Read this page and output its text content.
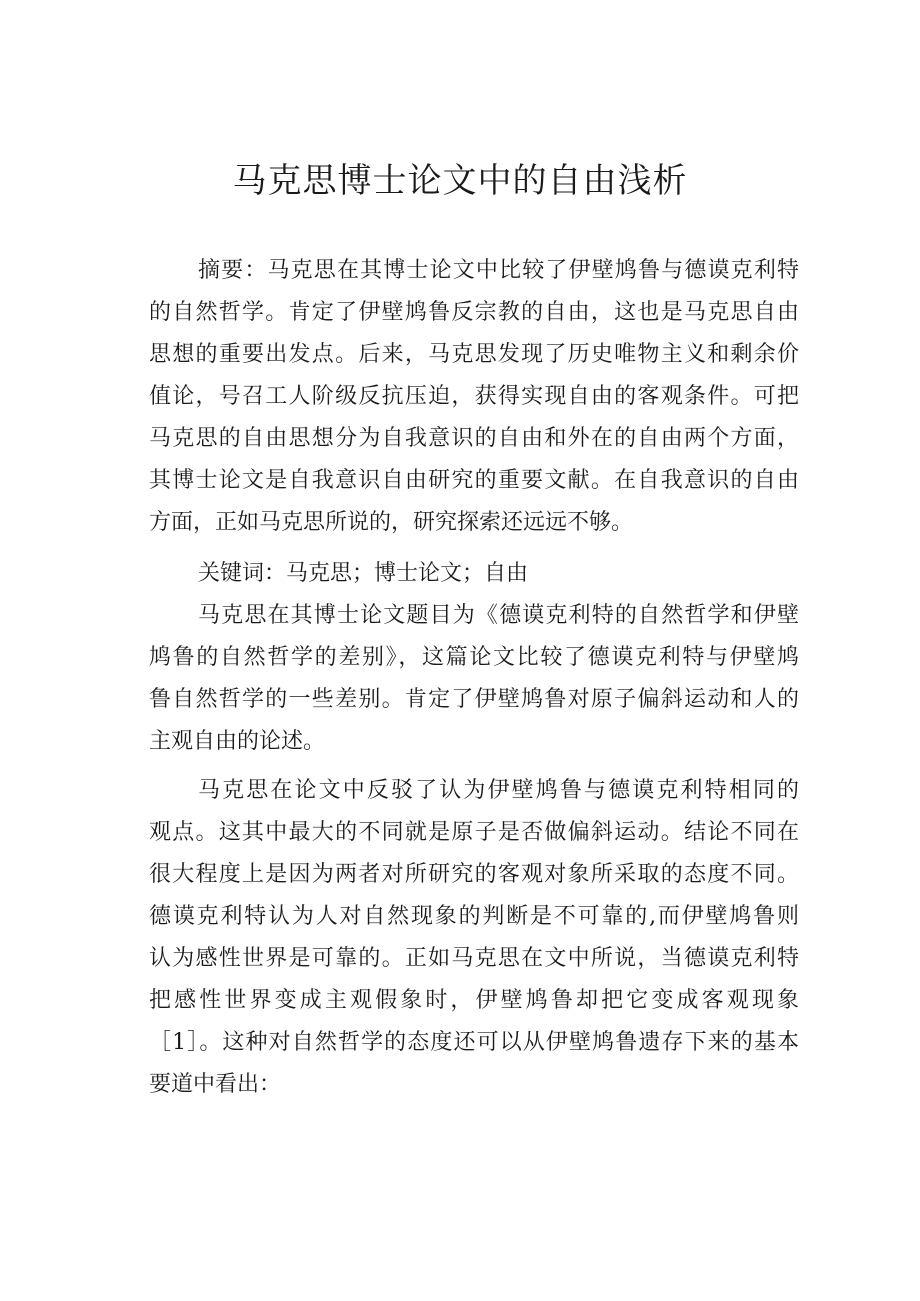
马克思博士论文中的自由浅析

摘要：马克思在其博士论文中比较了伊壁鸠鲁与德谟克利特

的自然哲学。肯定了伊壁鸠鲁反宗教的自由，这也是马克思自由

思想的重要出发点。后来，马克思发现了历史唯物主义和剩余价

值论，号召工人阶级反抗压迫，获得实现自由的客观条件。可把

马克思的自由思想分为自我意识的自由和外在的自由两个方面，

其博士论文是自我意识自由研究的重要文献。在自我意识的自由

方面，正如马克思所说的，研究探索还远远不够。

关键词：马克思；博士论文；自由

马克思在其博士论文题目为《德谟克利特的自然哲学和伊壁

鸠鲁的自然哲学的差别》，这篇论文比较了德谟克利特与伊壁鸠

鲁自然哲学的一些差别。肯定了伊壁鸠鲁对原子偏斜运动和人的

主观自由的论述。

马克思在论文中反驳了认为伊壁鸠鲁与德谟克利特相同的

观点。这其中最大的不同就是原子是否做偏斜运动。结论不同在

很大程度上是因为两者对所研究的客观对象所采取的态度不同。

德谟克利特认为人对自然现象的判断是不可靠的,而伊壁鸠鲁则

认为感性世界是可靠的。正如马克思在文中所说，当德谟克利特

把感性世界变成主观假象时，伊壁鸠鲁却把它变成客观现象

［1］。这种对自然哲学的态度还可以从伊壁鸠鲁遗存下来的基本

要道中看出：
